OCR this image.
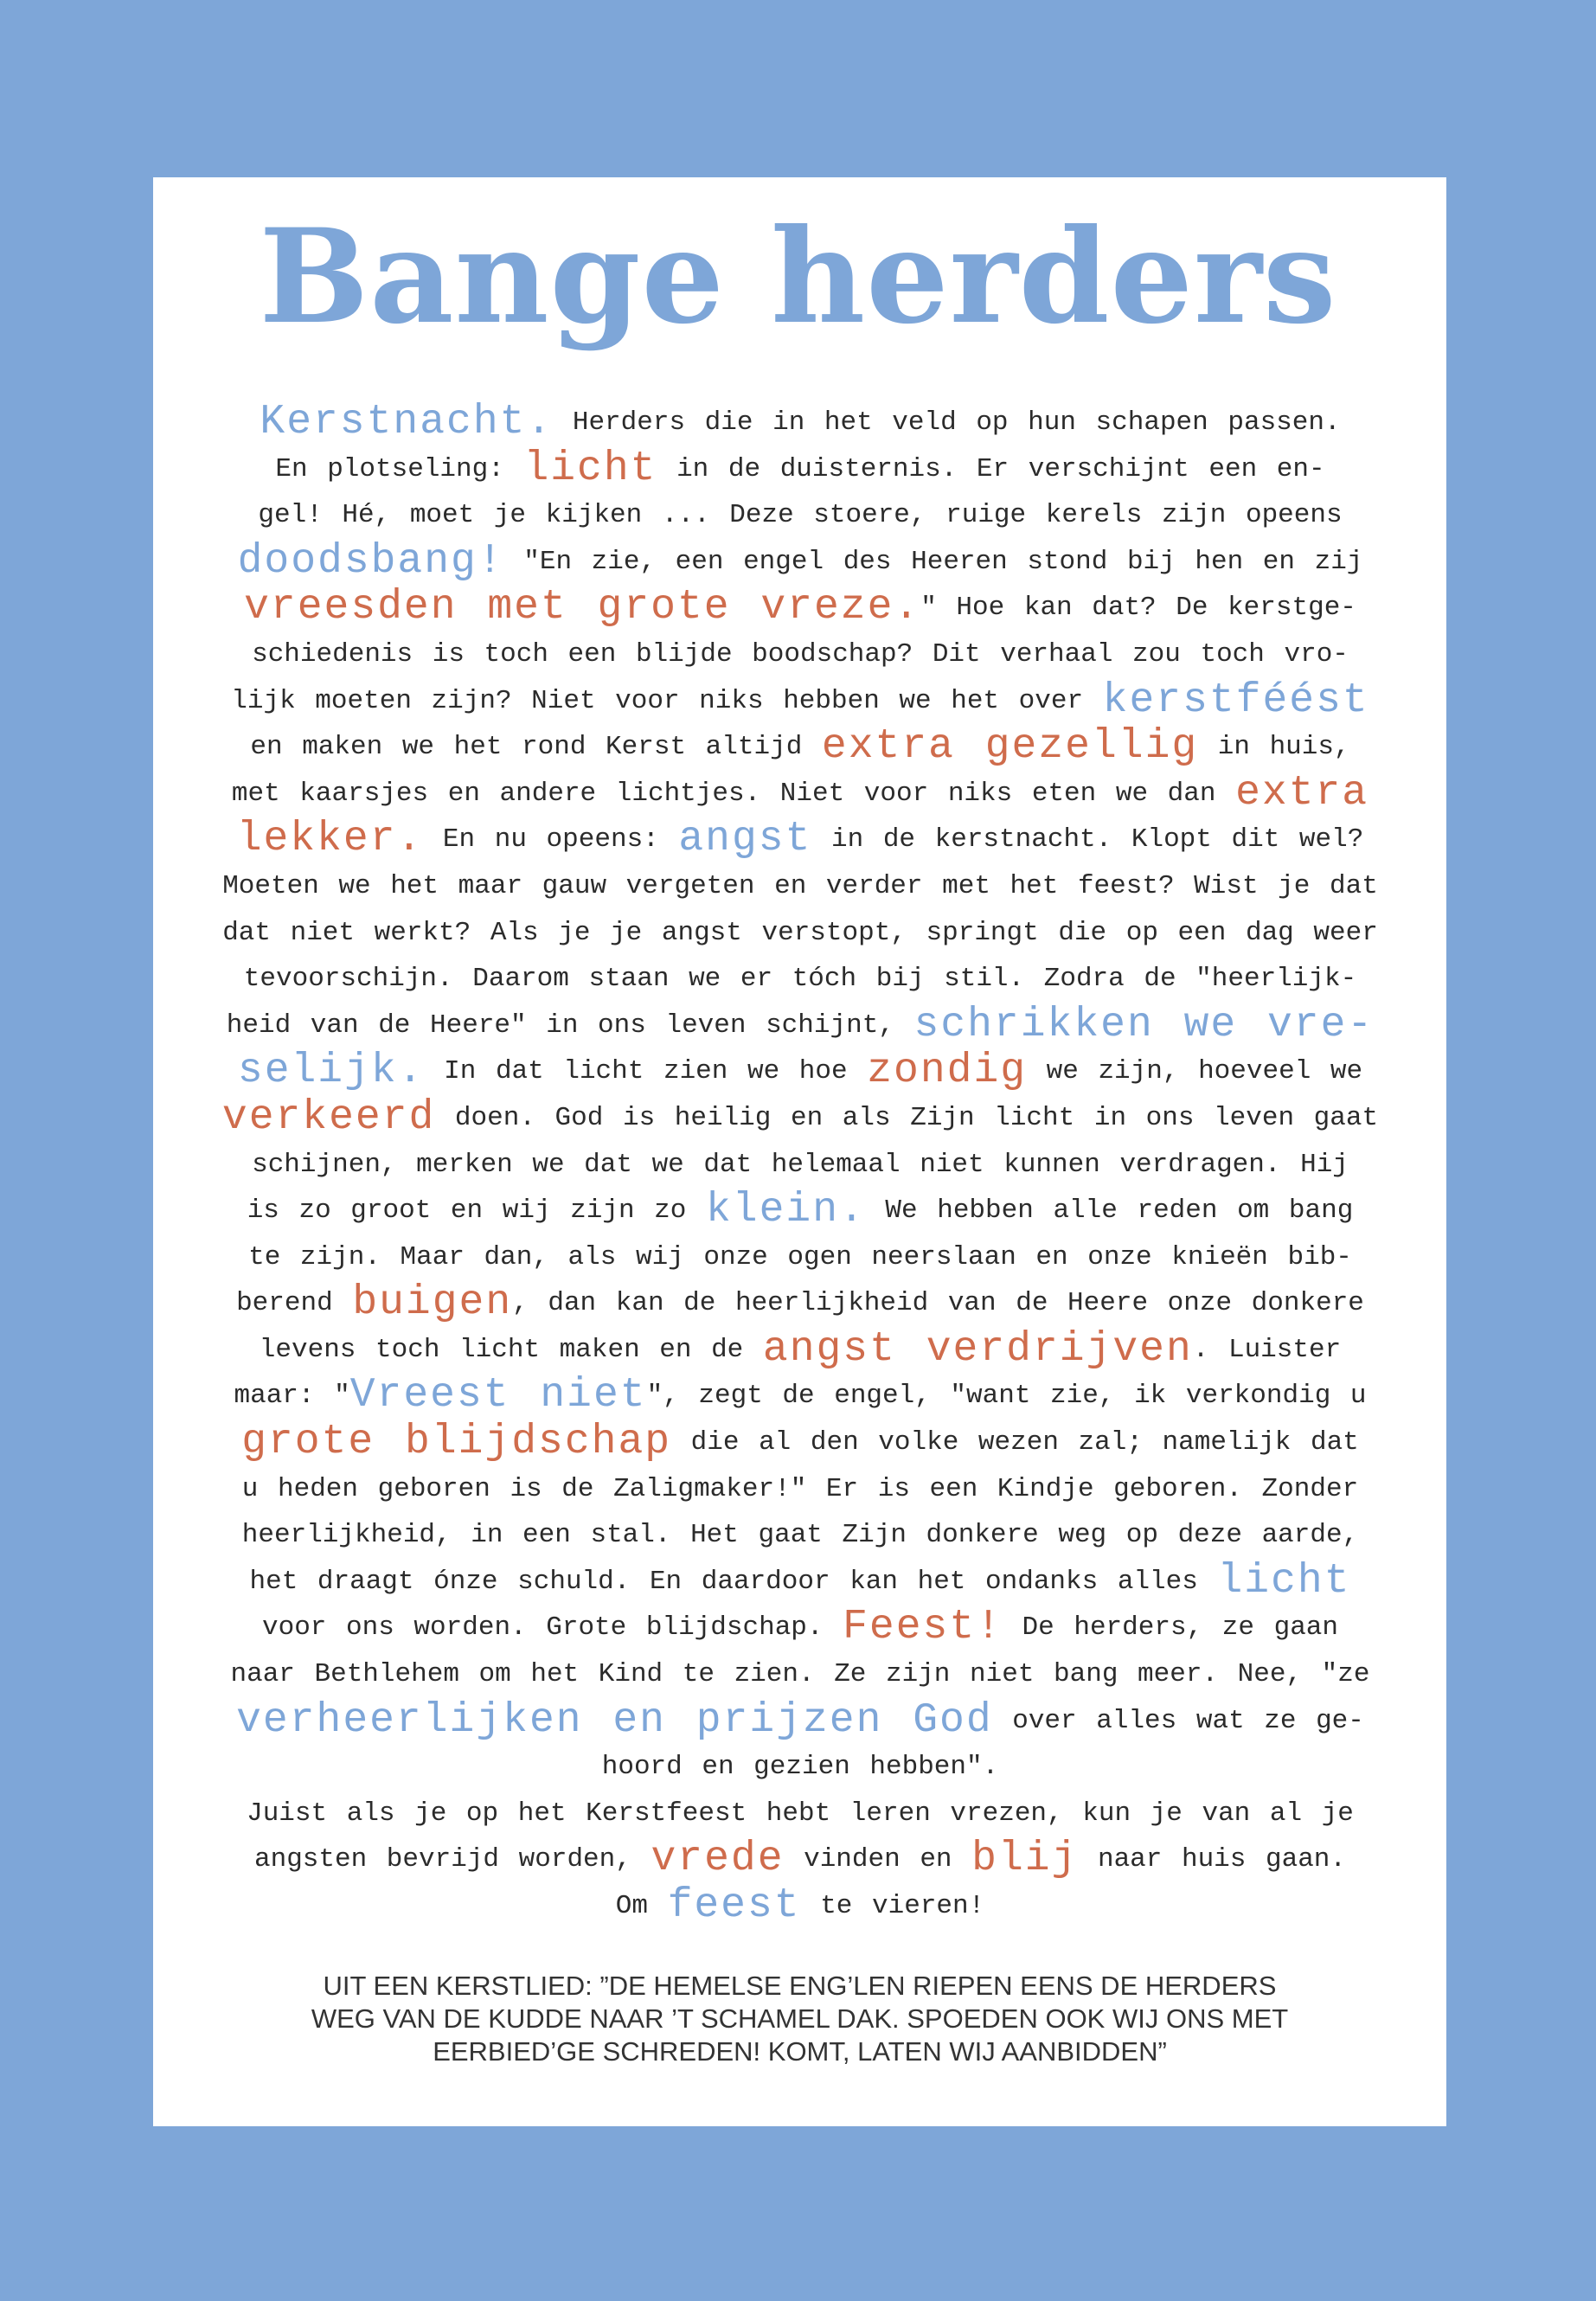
Bange herders
Kerstnacht. Herders die in het veld op hun schapen passen.
En plotseling: licht in de duisternis. Er verschijnt een en-
gel! Hé, moet je kijken ... Deze stoere, ruige kerels zijn opeens
doodsbang! "En zie, een engel des Heeren stond bij hen en zij
vreesden met grote vreze." Hoe kan dat? De kerstge-
schiedenis is toch een blijde boodschap? Dit verhaal zou toch vro-
lijk moeten zijn? Niet voor niks hebben we het over kerstféést
en maken we het rond Kerst altijd extra gezellig in huis,
met kaarsjes en andere lichtjes. Niet voor niks eten we dan extra
lekker. En nu opeens: angst in de kerstnacht. Klopt dit wel?
Moeten we het maar gauw vergeten en verder met het feest? Wist je dat
dat niet werkt? Als je je angst verstopt, springt die op een dag weer
tevoorschijn. Daarom staan we er tóch bij stil. Zodra de "heerlijk-
heid van de Heere" in ons leven schijnt, schrikken we vre-
selijk. In dat licht zien we hoe zondig we zijn, hoeveel we
verkeerd doen. God is heilig en als Zijn licht in ons leven gaat
schijnen, merken we dat we dat helemaal niet kunnen verdragen. Hij
is zo groot en wij zijn zo klein. We hebben alle reden om bang
te zijn. Maar dan, als wij onze ogen neerslaan en onze knieën bib-
berend buigen, dan kan de heerlijkheid van de Heere onze donkere
levens toch licht maken en de angst verdrijven. Luister
maar: "Vreest niet", zegt de engel, "want zie, ik verkondig u
grote blijdschap die al den volke wezen zal; namelijk dat
u heden geboren is de Zaligmaker!" Er is een Kindje geboren. Zonder
heerlijkheid, in een stal. Het gaat Zijn donkere weg op deze aarde,
het draagt ónze schuld. En daardoor kan het ondanks alles licht
voor ons worden. Grote blijdschap. Feest! De herders, ze gaan
naar Bethlehem om het Kind te zien. Ze zijn niet bang meer. Nee, "ze
verheerlijken en prijzen God over alles wat ze ge-
hoord en gezien hebben".
Juist als je op het Kerstfeest hebt leren vrezen, kun je van al je
angsten bevrijd worden, vrede vinden en blij naar huis gaan.
Om feest te vieren!
UIT EEN KERSTLIED: ”DE HEMELSE ENG’LEN RIEPEN EENS DE HERDERS
WEG VAN DE KUDDE NAAR ’T SCHAMEL DAK. SPOEDEN OOK WIJ ONS MET
EERBIED’GE SCHREDEN! KOMT, LATEN WIJ AANBIDDEN”
